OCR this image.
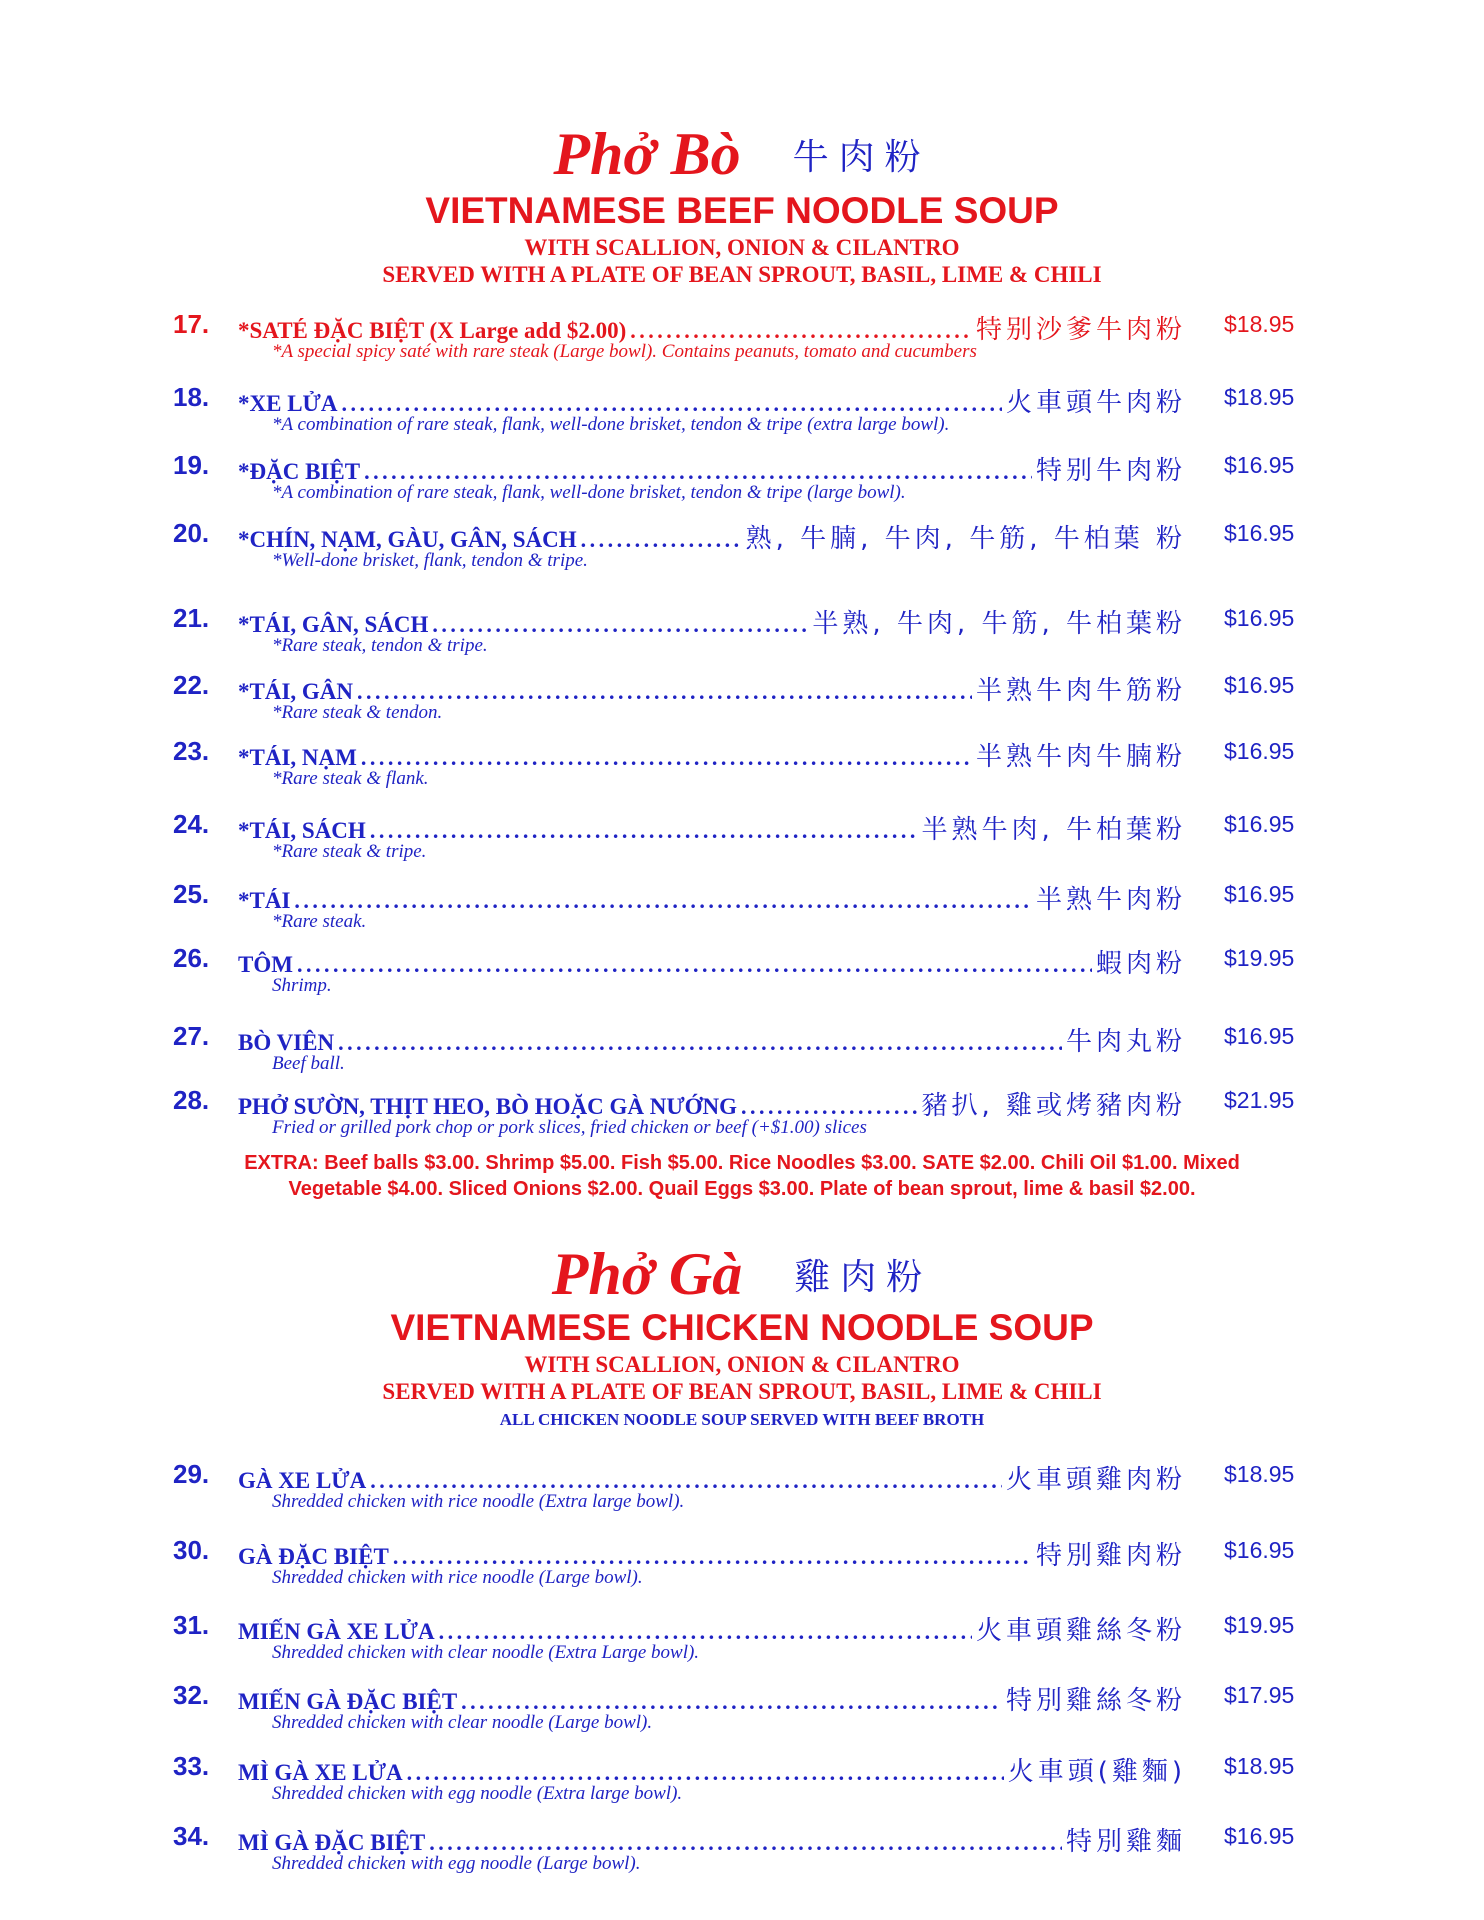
Phở Bò 牛肉粉
VIETNAMESE BEEF NOODLE SOUP
WITH SCALLION, ONION & CILANTRO
SERVED WITH A PLATE OF BEAN SPROUT, BASIL, LIME & CHILI
17. *SATÉ ĐẶC BIỆT (X Large add $2.00) .....	特别沙爹牛肉粉 $18.95
*A special spicy saté with rare steak (Large bowl). Contains peanuts, tomato and cucumbers
18. *XE LỬA .....	火車頭牛肉粉 $18.95
*A combination of rare steak, flank, well-done brisket, tendon & tripe (extra large bowl).
19. *ĐẶC BIỆT .....	特别牛肉粉 $16.95
*A combination of rare steak, flank, well-done brisket, tendon & tripe (large bowl).
20. *CHÍN, NẠM, GÀU, GÂN, SÁCH .....	熟, 牛腩, 牛肉, 牛筋, 牛柏葉 粉 $16.95
*Well-done brisket, flank, tendon & tripe.
21. *TÁI, GÂN, SÁCH .....	半熟, 牛肉, 牛筋, 牛柏葉粉 $16.95
*Rare steak, tendon & tripe.
22. *TÁI, GÂN .....	半熟牛肉牛筋粉 $16.95
*Rare steak & tendon.
23. *TÁI, NẠM .....	半熟牛肉牛腩粉 $16.95
*Rare steak & flank.
24. *TÁI, SÁCH .....	半熟牛肉, 牛柏葉粉 $16.95
*Rare steak & tripe.
25. *TÁI .....	半熟牛肉粉 $16.95
*Rare steak.
26. TÔM .....	蝦肉粉 $19.95
Shrimp.
27. BÒ VIÊN .....	牛肉丸粉 $16.95
Beef ball.
28. PHỞ SƯỜN, THỊT HEO, BÒ HOẶC GÀ NƯỚNG .....	豬扒, 雞或烤豬肉粉 $21.95
Fried or grilled pork chop or pork slices, fried chicken or beef (+$1.00) slices
EXTRA: Beef balls $3.00. Shrimp $5.00. Fish $5.00. Rice Noodles $3.00. SATE $2.00. Chili Oil $1.00. Mixed
Vegetable $4.00. Sliced Onions $2.00. Quail Eggs $3.00. Plate of bean sprout, lime & basil $2.00.
Phở Gà 雞肉粉
VIETNAMESE CHICKEN NOODLE SOUP
WITH SCALLION, ONION & CILANTRO
SERVED WITH A PLATE OF BEAN SPROUT, BASIL, LIME & CHILI
ALL CHICKEN NOODLE SOUP SERVED WITH BEEF BROTH
29. GÀ XE LỬA .....	火車頭雞肉粉 $18.95
Shredded chicken with rice noodle (Extra large bowl).
30. GÀ ĐẶC BIỆT .....	特別雞肉粉 $16.95
Shredded chicken with rice noodle (Large bowl).
31. MIẾN GÀ XE LỬA .....	火車頭雞絲冬粉 $19.95
Shredded chicken with clear noodle (Extra Large bowl).
32. MIẾN GÀ ĐẶC BIỆT .....	特別雞絲冬粉 $17.95
Shredded chicken with clear noodle (Large bowl).
33. MÌ GÀ XE LỬA .....	火車頭(雞麵) $18.95
Shredded chicken with egg noodle (Extra large bowl).
34. MÌ GÀ ĐẶC BIỆT .....	特別雞麵 $16.95
Shredded chicken with egg noodle (Large bowl).
